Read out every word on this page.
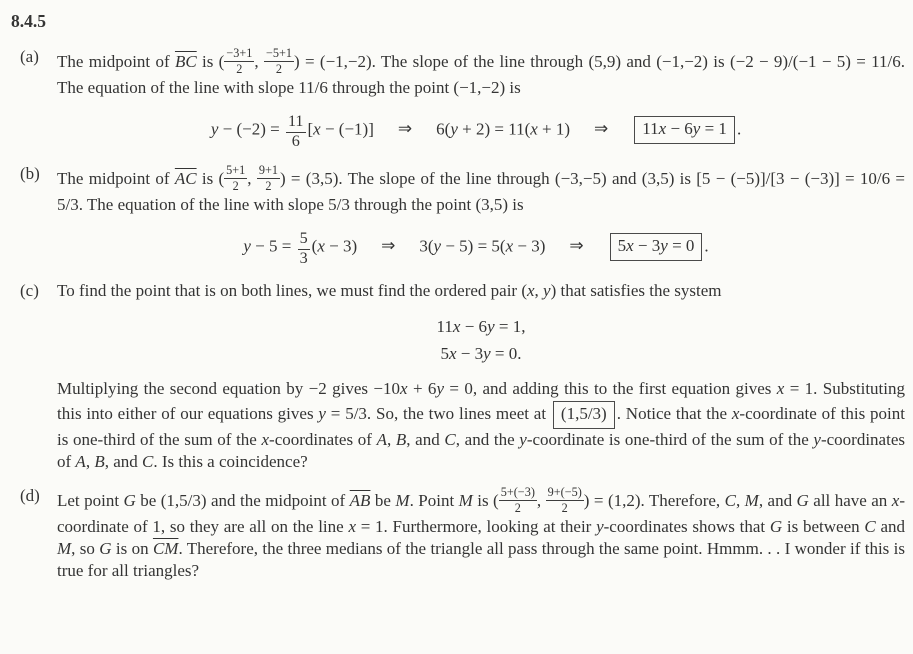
8.4.5
(a) The midpoint of $\overline{BC}$ is ( $\frac{-3+1}{2}$ , $\frac{-5+1}{2}$ ) = (−1,−2). The slope of the line through (5,9) and (−1,−2) is (−2 − 9)/(−1 − 5) = 11/6. The equation of the line with slope 11/6 through the point (−1,−2) is
$y - (-2) = \frac{11}{6} [x - (-1)]$ ⇒ 6(y + 2) = 11(x + 1) ⇒ 11x − 6y = 1 .
(b) The midpoint of $\overline{AC}$ is ( $\frac{5+1}{2}$ , $\frac{9+1}{2}$ ) = (3,5). The slope of the line through (−3,−5) and (3,5) is [5 − (−5)]/[3 − (−3)] = 10/6 = 5/3. The equation of the line with slope 5/3 through the point (3,5) is
$y - 5 = \frac{5}{3} (x - 3)$ ⇒ 3(y − 5) = 5(x − 3) ⇒ 5x − 3y = 0 .
(c) To find the point that is on both lines, we must find the ordered pair (x, y) that satisfies the system
11x − 6y = 1,
5x − 3y = 0.
Multiplying the second equation by −2 gives −10x + 6y = 0, and adding this to the first equation gives x = 1. Substituting this into either of our equations gives y = 5/3. So, the two lines meet at (1,5/3) . Notice that the x-coordinate of this point is one-third of the sum of the x-coordinates of A, B, and C, and the y-coordinate is one-third of the sum of the y-coordinates of A, B, and C. Is this a coincidence?
(d) Let point G be (1,5/3) and the midpoint of $\overline{AB}$ be M. Point M is ( $\frac{5+(-3)}{2}$ , $\frac{9+(-5)}{2}$ ) = (1,2). Therefore, C, M, and G all have an x-coordinate of 1, so they are all on the line x = 1. Furthermore, looking at their y-coordinates shows that G is between C and M, so G is on $\overline{CM}$. Therefore, the three medians of the triangle all pass through the same point. Hmmm. . . I wonder if this is true for all triangles?
